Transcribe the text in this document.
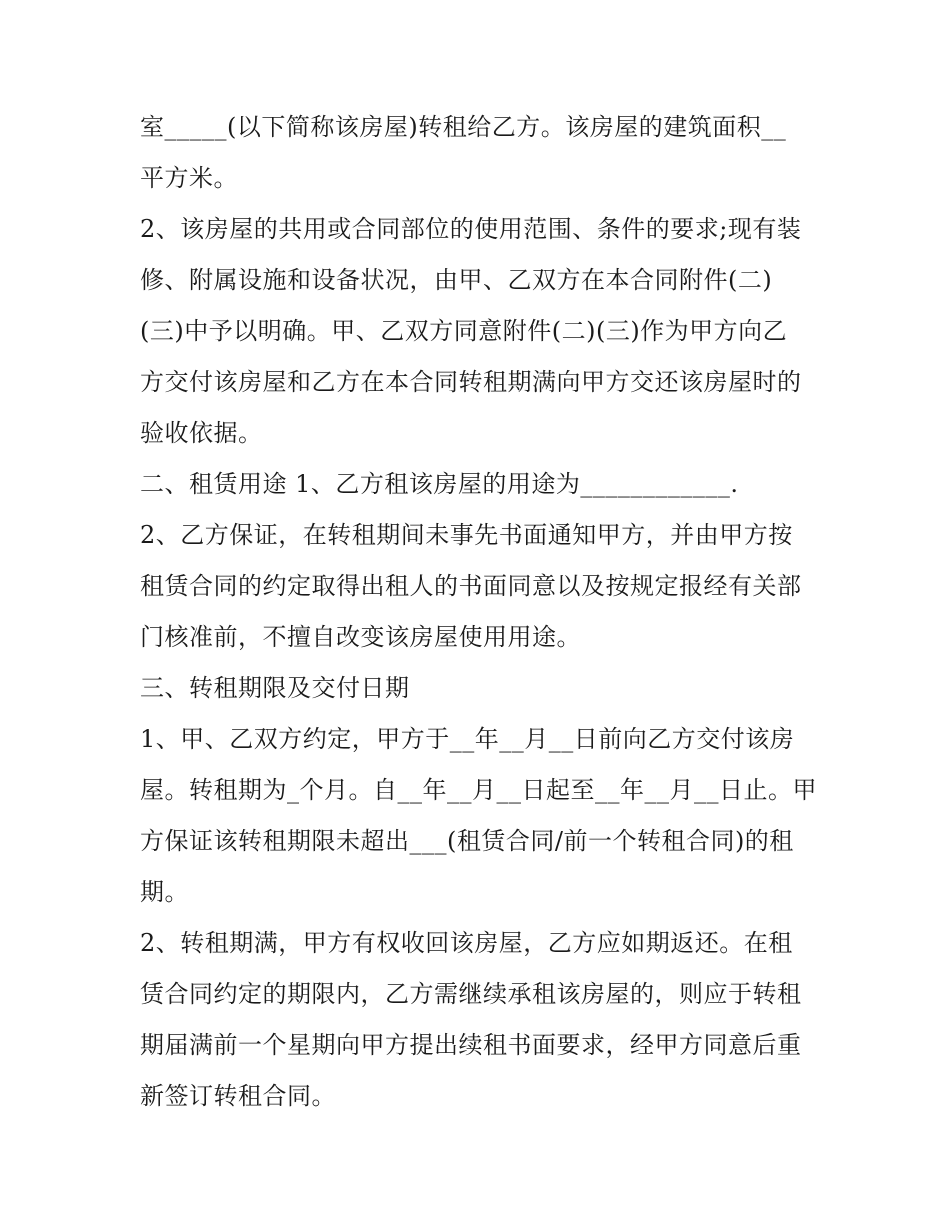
室_____(以下简称该房屋)转租给乙方。该房屋的建筑面积__
平方米。
2、该房屋的共用或合同部位的使用范围、条件的要求;现有装
修、附属设施和设备状况，由甲、乙双方在本合同附件(二)
(三)中予以明确。甲、乙双方同意附件(二)(三)作为甲方向乙
方交付该房屋和乙方在本合同转租期满向甲方交还该房屋时的
验收依据。
二、租赁用途 1、乙方租该房屋的用途为____________.
2、乙方保证，在转租期间未事先书面通知甲方，并由甲方按
租赁合同的约定取得出租人的书面同意以及按规定报经有关部
门核准前，不擅自改变该房屋使用用途。
三、转租期限及交付日期
1、甲、乙双方约定，甲方于__年__月__日前向乙方交付该房
屋。转租期为_个月。自__年__月__日起至__年__月__日止。甲
方保证该转租期限未超出___(租赁合同/前一个转租合同)的租
期。
2、转租期满，甲方有权收回该房屋，乙方应如期返还。在租
赁合同约定的期限内，乙方需继续承租该房屋的，则应于转租
期届满前一个星期向甲方提出续租书面要求，经甲方同意后重
新签订转租合同。
